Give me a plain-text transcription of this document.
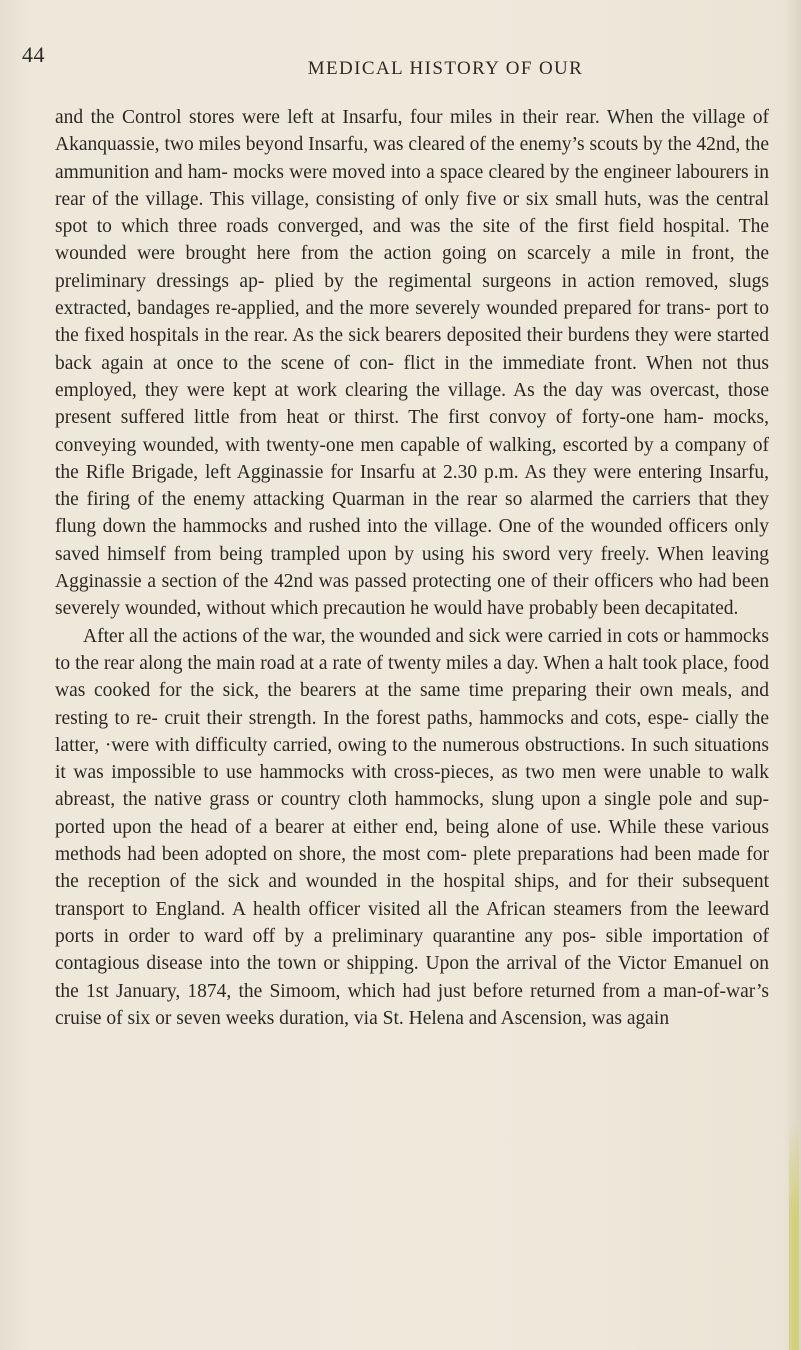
44
MEDICAL HISTORY OF OUR

and the Control stores were left at Insarfu, four miles in their rear. When the village of Akanquassie, two miles beyond Insarfu, was cleared of the enemy’s scouts by the 42nd, the ammunition and ham- mocks were moved into a space cleared by the engineer labourers in rear of the village. This village, consisting of only five or six small huts, was the central spot to which three roads converged, and was the site of the first field hospital. The wounded were brought here from the action going on scarcely a mile in front, the preliminary dressings ap- plied by the regimental surgeons in action removed, slugs extracted, bandages re-applied, and the more severely wounded prepared for trans- port to the fixed hospitals in the rear. As the sick bearers deposited their burdens they were started back again at once to the scene of con- flict in the immediate front. When not thus employed, they were kept at work clearing the village. As the day was overcast, those present suffered little from heat or thirst. The first convoy of forty-one ham- mocks, conveying wounded, with twenty-one men capable of walking, escorted by a company of the Rifle Brigade, left Agginassie for Insarfu at 2.30 p.m. As they were entering Insarfu, the firing of the enemy attacking Quarman in the rear so alarmed the carriers that they flung down the hammocks and rushed into the village. One of the wounded officers only saved himself from being trampled upon by using his sword very freely. When leaving Agginassie a section of the 42nd was passed protecting one of their officers who had been severely wounded, without which precaution he would have probably been decapitated.

After all the actions of the war, the wounded and sick were carried in cots or hammocks to the rear along the main road at a rate of twenty miles a day. When a halt took place, food was cooked for the sick, the bearers at the same time preparing their own meals, and resting to re- cruit their strength. In the forest paths, hammocks and cots, espe- cially the latter, ·were with difficulty carried, owing to the numerous obstructions. In such situations it was impossible to use hammocks with cross-pieces, as two men were unable to walk abreast, the native grass or country cloth hammocks, slung upon a single pole and sup- ported upon the head of a bearer at either end, being alone of use. While these various methods had been adopted on shore, the most com- plete preparations had been made for the reception of the sick and wounded in the hospital ships, and for their subsequent transport to England. A health officer visited all the African steamers from the leeward ports in order to ward off by a preliminary quarantine any pos- sible importation of contagious disease into the town or shipping. Upon the arrival of the Victor Emanuel on the 1st January, 1874, the Simoom, which had just before returned from a man-of-war’s cruise of six or seven weeks duration, via St. Helena and Ascension, was again
